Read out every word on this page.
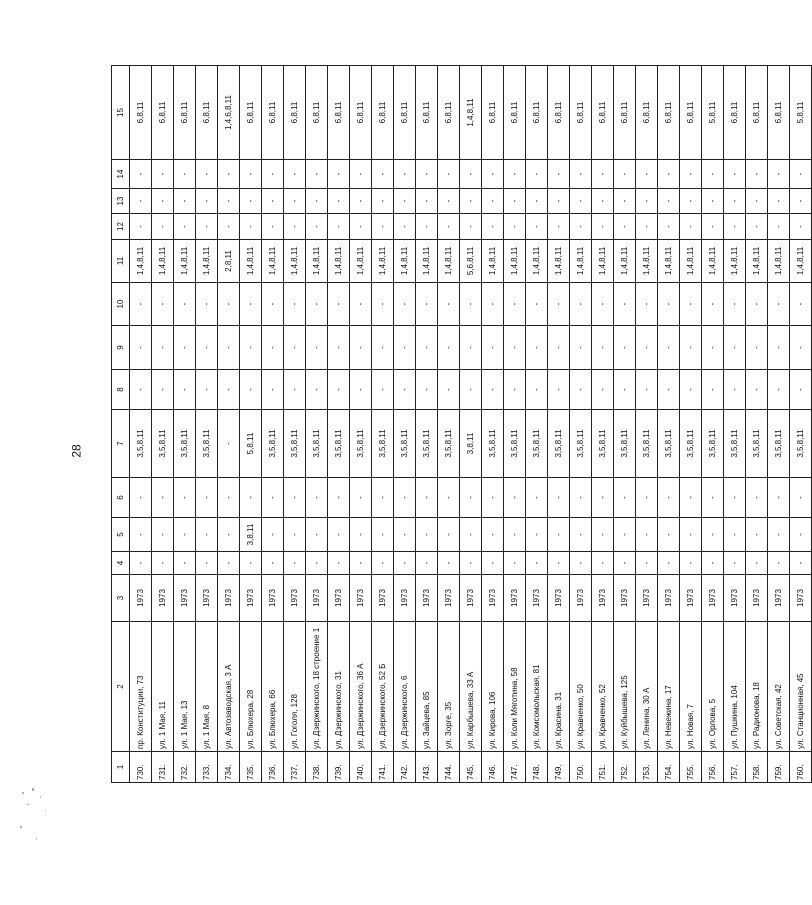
28
1	2	3	4	5	6	7	8	9	10	11	12	13	14	15
730.	пр. Конституции, 73	1973	-	-	-	3,5,8,11	-	-	-	1,4,8,11	-	-	-	6,8,11
731.	ул. 1 Мая, 11	1973	-	-	-	3,5,8,11	-	-	-	1,4,8,11	-	-	-	6,8,11
732.	ул. 1 Мая, 13	1973	-	-	-	3,5,8,11	-	-	-	1,4,8,11	-	-	-	6,8,11
733.	ул. 1 Мая, 8	1973	-	-	-	3,5,8,11	-	-	-	1,4,8,11	-	-	-	6,8,11
734.	ул. Автозаводская, 3 А	1973	-	-	-	-	-	-	-	2,8,11	-	-	-	1,4,6,8,11
735.	ул. Блюхера, 28	1973	-	3,8,11	-	5,8,11	-	-	-	1,4,8,11	-	-	-	6,8,11
736.	ул. Блюхера, 66	1973	-	-	-	3,5,8,11	-	-	-	1,4,8,11	-	-	-	6,8,11
737.	ул. Гоголя, 128	1973	-	-	-	3,5,8,11	-	-	-	1,4,8,11	-	-	-	6,8,11
738.	ул. Дзержинского, 18 строение 1	1973	-	-	-	3,5,8,11	-	-	-	1,4,8,11	-	-	-	6,8,11
739.	ул. Дзержинского, 31	1973	-	-	-	3,5,8,11	-	-	-	1,4,8,11	-	-	-	6,8,11
740.	ул. Дзержинского, 36 А	1973	-	-	-	3,5,8,11	-	-	-	1,4,8,11	-	-	-	6,8,11
741.	ул. Дзержинского, 52 Б	1973	-	-	-	3,5,8,11	-	-	-	1,4,8,11	-	-	-	6,8,11
742.	ул. Дзержинского, 6	1973	-	-	-	3,5,8,11	-	-	-	1,4,8,11	-	-	-	6,8,11
743.	ул. Зайцева, 85	1973	-	-	-	3,5,8,11	-	-	-	1,4,8,11	-	-	-	6,8,11
744.	ул. Зорге, 35	1973	-	-	-	3,5,8,11	-	-	-	1,4,8,11	-	-	-	6,8,11
745.	ул. Карбышева, 33 А	1973	-	-	-	3,8,11	-	-	-	5,6,8,11	-	-	-	1,4,8,11
746.	ул. Кирова, 106	1973	-	-	-	3,5,8,11	-	-	-	1,4,8,11	-	-	-	6,8,11
747.	ул. Коли Мяготина, 58	1973	-	-	-	3,5,8,11	-	-	-	1,4,8,11	-	-	-	6,8,11
748.	ул. Комсомольская, 81	1973	-	-	-	3,5,8,11	-	-	-	1,4,8,11	-	-	-	6,8,11
749.	ул. Красина, 31	1973	-	-	-	3,5,8,11	-	-	-	1,4,8,11	-	-	-	6,8,11
750.	ул. Кравченко, 50	1973	-	-	-	3,5,8,11	-	-	-	1,4,8,11	-	-	-	6,8,11
751.	ул. Кравченко, 52	1973	-	-	-	3,5,8,11	-	-	-	1,4,8,11	-	-	-	6,8,11
752.	ул. Куйбышева, 125	1973	-	-	-	3,5,8,11	-	-	-	1,4,8,11	-	-	-	6,8,11
753.	ул. Ленина, 30 А	1973	-	-	-	3,5,8,11	-	-	-	1,4,8,11	-	-	-	6,8,11
754.	ул. Невежина, 17	1973	-	-	-	3,5,8,11	-	-	-	1,4,8,11	-	-	-	6,8,11
755.	ул. Новая, 7	1973	-	-	-	3,5,8,11	-	-	-	1,4,8,11	-	-	-	6,8,11
756.	ул. Орлова, 5	1973	-	-	-	3,5,8,11	-	-	-	1,4,8,11	-	-	-	5,8,11
757.	ул. Пушкина, 104	1973	-	-	-	3,5,8,11	-	-	-	1,4,8,11	-	-	-	6,8,11
758.	ул. Радионова, 18	1973	-	-	-	3,5,8,11	-	-	-	1,4,8,11	-	-	-	6,8,11
759.	ул. Советская, 42	1973	-	-	-	3,5,8,11	-	-	-	1,4,8,11	-	-	-	6,8,11
760.	ул. Станционная, 45	1973	-	-	-	3,5,8,11	-	-	-	1,4,8,11	-	-	-	5,8,11
